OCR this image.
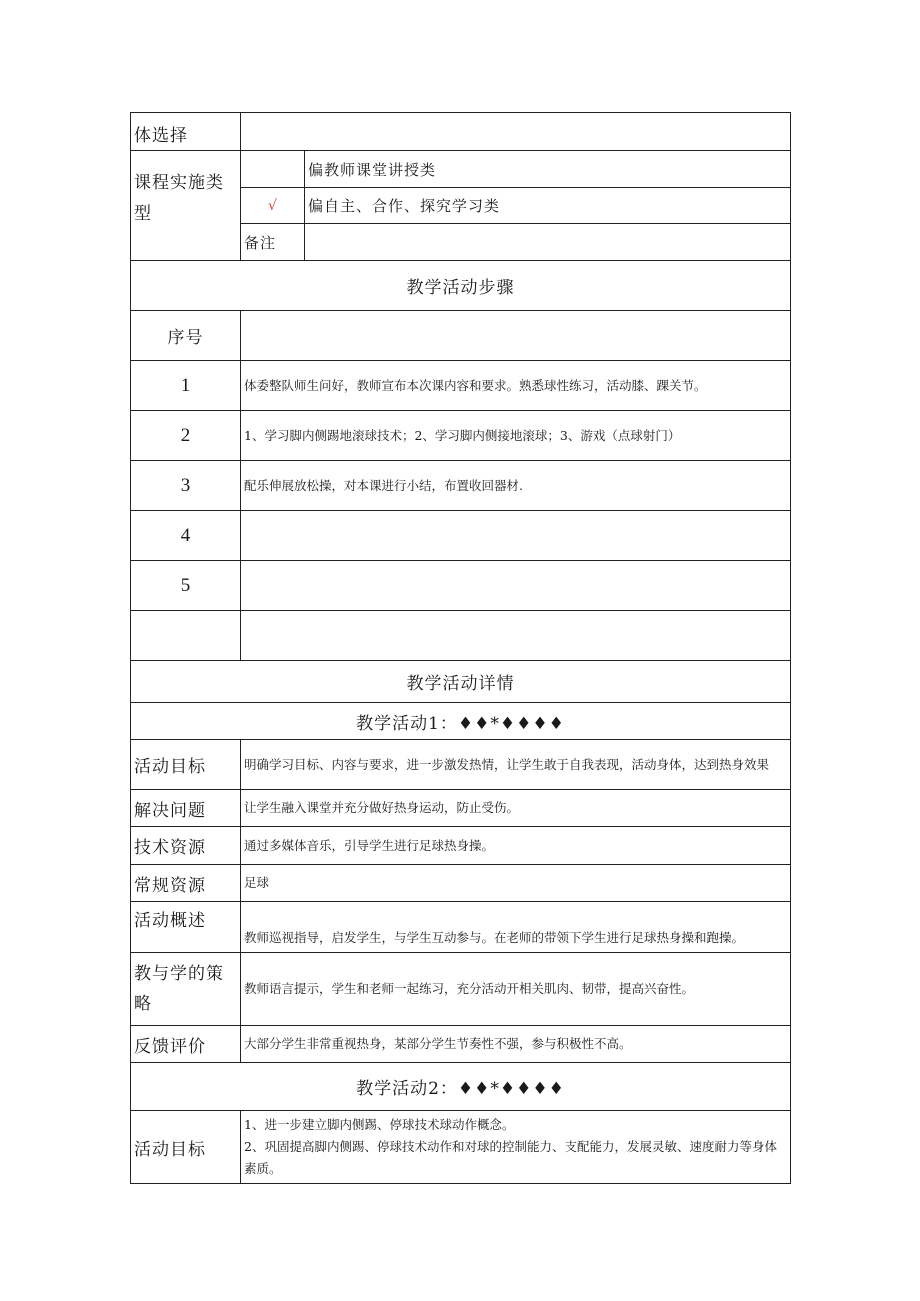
体选择		
课程实施类型		偏教师课堂讲授类
	√	偏自主、合作、探究学习类
	备注	
教学活动步骤		
序号		
1	体委整队师生问好，教师宣布本次课内容和要求。熟悉球性练习，活动膝、踝关节。	
2	1、学习脚内侧踢地滚球技术；2、学习脚内侧接地滚球；3、游戏（点球射门）	
3	配乐伸展放松操，对本课进行小结，布置收回器材.	
4		
5		

教学活动详情		
教学活动1：♦♦*♦♦♦♦		
活动目标	明确学习目标、内容与要求，进一步激发热情，让学生敢于自我表现，活动身体，达到热身效果	
解决问题	让学生融入课堂并充分做好热身运动，防止受伤。	
技术资源	通过多媒体音乐，引导学生进行足球热身操。	
常规资源	足球	
活动概述	教师巡视指导，启发学生，与学生互动参与。在老师的带领下学生进行足球热身操和跑操。	
教与学的策略	教师语言提示，学生和老师一起练习，充分活动开相关肌肉、韧带，提高兴奋性。	
反馈评价	大部分学生非常重视热身，某部分学生节奏性不强，参与积极性不高。	
教学活动2：♦♦*♦♦♦♦		
活动目标	1、进一步建立脚内侧踢、停球技术球动作概念。
2、巩固提高脚内侧踢、停球技术动作和对球的控制能力、支配能力，发展灵敏、速度耐力等身体素质。	
